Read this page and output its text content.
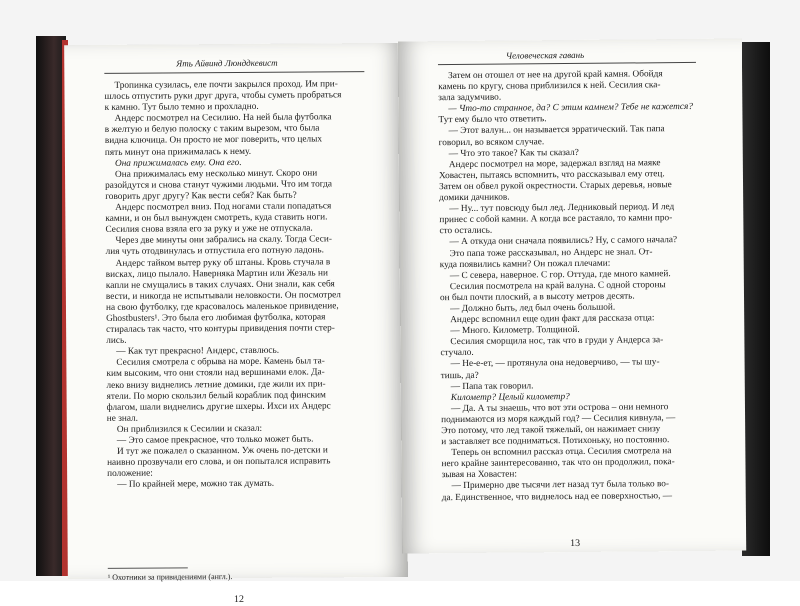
Ять Айвинд Люнддкевист
Тропинка сузилась, еле почти закрылся проход. Им при-
шлось отпустить руки друг друга, чтобы суметь пробраться
к камню. Тут было темно и прохладно.
Андерс посмотрел на Сесилию. На ней была футболка
в желтую и белую полоску с таким вырезом, что была
видна ключица. Он просто не мог поверить, что целых
пять минут она прижималась к нему.
Она прижималась ему. Она его.
Она прижималась ему несколько минут. Скоро они
разойдутся и снова станут чужими людьми. Что им тогда
говорить друг другу? Как вести себя? Как быть?
Андерс посмотрел вниз. Под ногами стали попадаться
камни, и он был вынужден смотреть, куда ставить ноги.
Сесилия снова взяла его за руку и уже не отпускала.
Через две минуты они забрались на скалу. Тогда Сеси-
лия чуть отодвинулась и отпустила его потную ладонь.
Андерс тайком вытер руку об штаны. Кровь стучала в
висках, лицо пылало. Наверняка Мартин или Жезаль ни
капли не смущались в таких случаях. Они знали, как себя
вести, и никогда не испытывали неловкости. Он посмотрел
на свою футболку, где красовалось маленькое привидение,
Ghostbusters¹. Это была его любимая футболка, которая
стиралась так часто, что контуры привидения почти стер-
лись.
— Как тут прекрасно! Андерс, ставлюсь.
Сесилия смотрела с обрыва на море. Камень был та-
ким высоким, что они стояли над вершинами елок. Да-
леко внизу виднелись летние домики, где жили их при-
ятели. По морю скользил белый кораблик под финским
флагом, шали виднелись другие шхеры. Ихси их Андерс
не знал.
Он приблизился к Сесилии и сказал:
— Это самое прекрасное, что только может быть.
И тут же пожалел о сказанном. Уж очень по-детски и
наивно прозвучали его слова, и он попытался исправить
положение:
— По крайней мере, можно так думать.
¹ Охотники за привидениями (англ.).
12
Человеческая гавань
Затем он отошел от нее на другой край камня. Обойдя
камень по кругу, снова приблизился к ней. Сесилия ска-
зала задумчиво.
— Что-то странное, да? С этим камнем? Тебе не кажется?
Тут ему было что ответить.
— Этот валун... он называется эрратический. Так папа
говорил, во всяком случае.
— Что это такое? Как ты сказал?
Андерс посмотрел на море, задержал взгляд на маяке
Ховастен, пытаясь вспомнить, что рассказывал ему отец.
Затем он обвел рукой окрестности. Старых деревья, новые
домики дачников.
— Ну... тут повсюду был лед. Ледниковый период. И лед
принес с собой камни. А когда все растаяло, то камни про-
сто остались.
— А откуда они сначала появились? Ну, с самого начала?
Это папа тоже рассказывал, но Андерс не знал. От-
куда появились камни? Он пожал плечами:
— С севера, наверное. С гор. Оттуда, где много камней.
Сесилия посмотрела на край валуна. С одной стороны
он был почти плоский, а в высоту метров десять.
— Должно быть, лед был очень большой.
Андерс вспомнил еще один факт для рассказа отца:
— Много. Километр. Толщиной.
Сесилия сморщила нос, так что в груди у Андерса за-
стучало.
— Не-е-ет, — протянула она недоверчиво, — ты шу-
тишь, да?
— Папа так говорил.
Километр? Целый километр?
— Да. А ты знаешь, что вот эти острова – они немного
поднимаются из моря каждый год? — Сесилия кивнула, —
Это потому, что лед такой тяжелый, он нажимает снизу
и заставляет все подниматься. Потихоньку, но постоянно.
Теперь он вспомнил рассказ отца. Сесилия смотрела на
него крайне заинтересованно, так что он продолжил, пока-
зывая на Ховастен:
— Примерно две тысячи лет назад тут была только во-
да. Единственное, что виднелось над ее поверхностью, —
13
